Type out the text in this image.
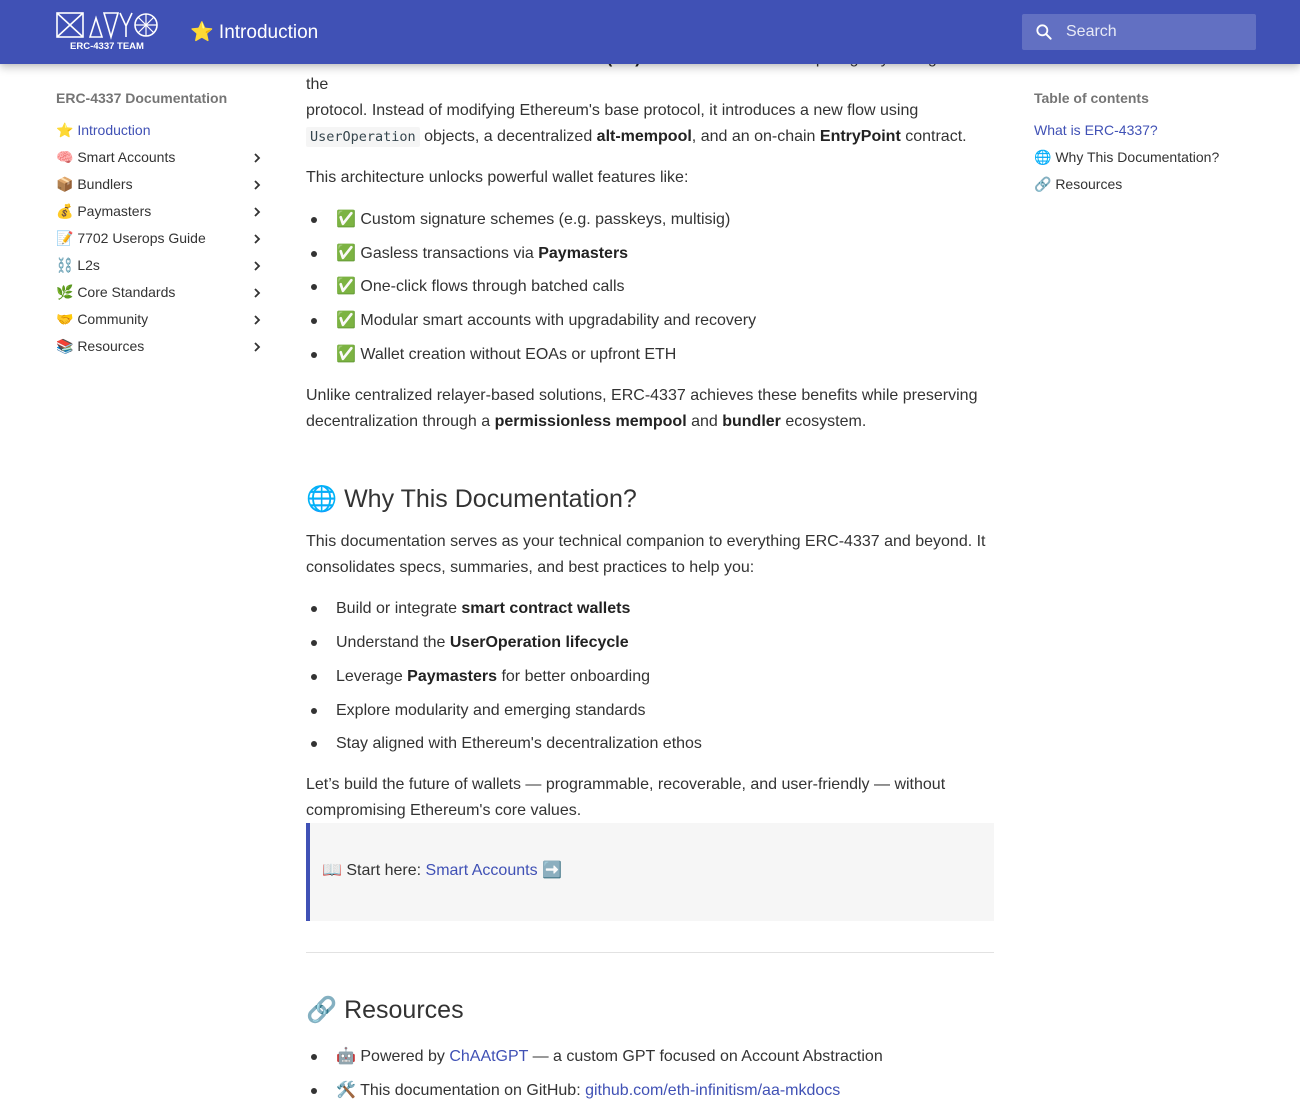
ERC-4337 TEAM
⭐ Introduction
Search
ERC-4337 Documentation
⭐ Introduction
🧠 Smart Accounts
📦 Bundlers
💰 Paymasters
📝 7702 Userops Guide
⛓️ L2s
🌿 Core Standards
🤝 Community
📚 Resources
Table of contents
What is ERC-4337?
🌐 Why This Documentation?
🔗 Resources

the
protocol. Instead of modifying Ethereum's base protocol, it introduces a new flow using
UserOperation objects, a decentralized alt-mempool, and an on-chain EntryPoint contract.

This architecture unlocks powerful wallet features like:

✅ Custom signature schemes (e.g. passkeys, multisig)
✅ Gasless transactions via Paymasters
✅ One-click flows through batched calls
✅ Modular smart accounts with upgradability and recovery
✅ Wallet creation without EOAs or upfront ETH

Unlike centralized relayer-based solutions, ERC-4337 achieves these benefits while preserving
decentralization through a permissionless mempool and bundler ecosystem.

🌐 Why This Documentation?

This documentation serves as your technical companion to everything ERC-4337 and beyond. It
consolidates specs, summaries, and best practices to help you:

Build or integrate smart contract wallets
Understand the UserOperation lifecycle
Leverage Paymasters for better onboarding
Explore modularity and emerging standards
Stay aligned with Ethereum's decentralization ethos

Let’s build the future of wallets — programmable, recoverable, and user-friendly — without
compromising Ethereum's core values.

📖 Start here: Smart Accounts ➡️
🔗 Resources
🤖 Powered by ChAAtGPT — a custom GPT focused on Account Abstraction
🛠️ This documentation on GitHub: github.com/eth-infinitism/aa-mkdocs
